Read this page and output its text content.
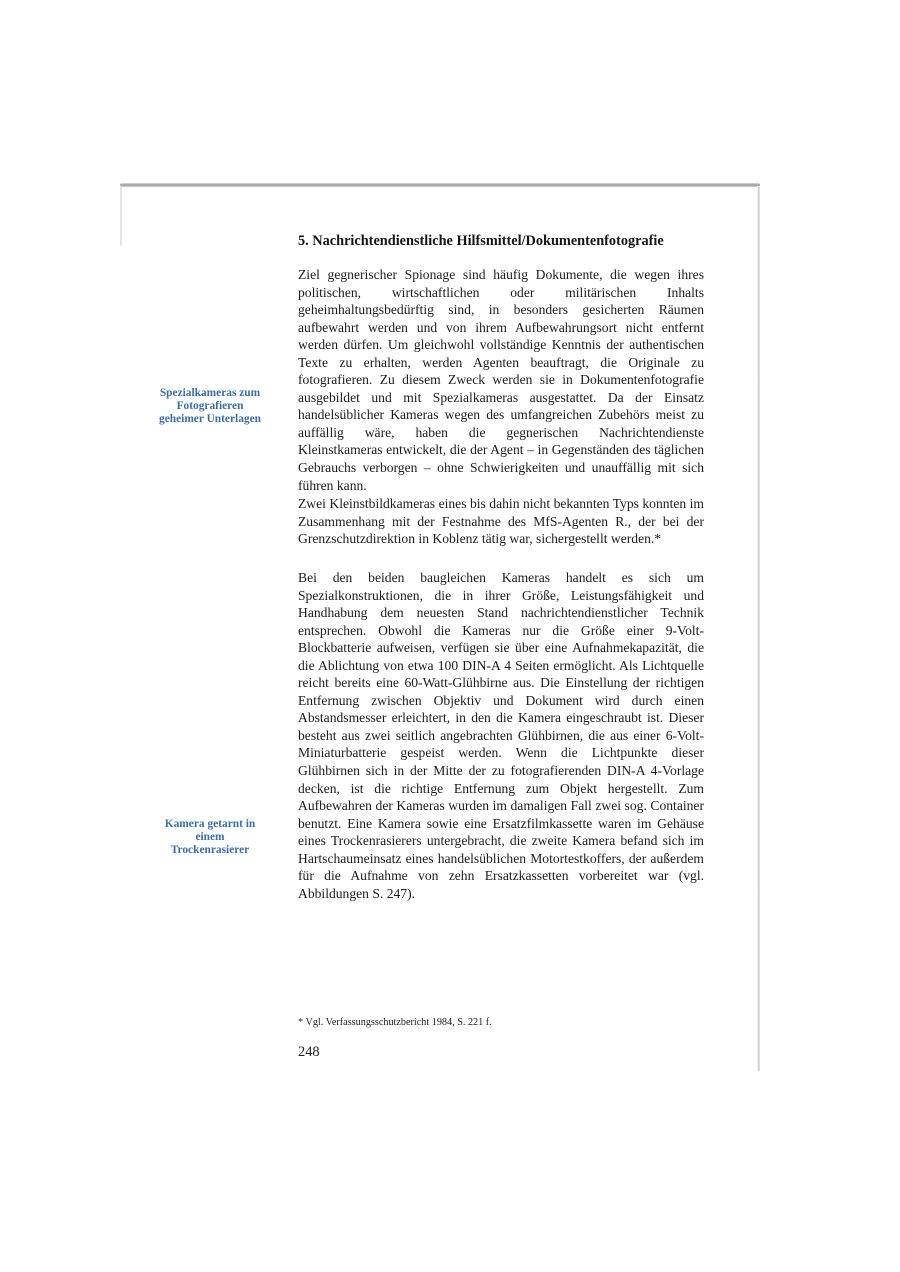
5. Nachrichtendienstliche Hilfsmittel/Dokumentenfotografie

Spezialkameras zum Fotografieren geheimer Unterlagen

Kamera getarnt in einem Trockenrasierer

Ziel gegnerischer Spionage sind häufig Dokumente, die wegen ihres politischen, wirtschaftlichen oder militärischen Inhalts geheimhaltungsbedürftig sind, in besonders gesicherten Räumen aufbewahrt werden und von ihrem Aufbewahrungsort nicht entfernt werden dürfen. Um gleichwohl vollständige Kenntnis der authentischen Texte zu erhalten, werden Agenten beauftragt, die Originale zu fotografieren. Zu diesem Zweck werden sie in Dokumentenfotografie ausgebildet und mit Spezialkameras ausgestattet. Da der Einsatz handelsüblicher Kameras wegen des umfangreichen Zubehörs meist zu auffällig wäre, haben die gegnerischen Nachrichtendienste Kleinstkameras entwickelt, die der Agent – in Gegenständen des täglichen Gebrauchs verborgen – ohne Schwierigkeiten und unauffällig mit sich führen kann.

Zwei Kleinstbildkameras eines bis dahin nicht bekannten Typs konnten im Zusammenhang mit der Festnahme des MfS-Agenten R., der bei der Grenzschutzdirektion in Koblenz tätig war, sichergestellt werden.*

Bei den beiden baugleichen Kameras handelt es sich um Spezialkonstruktionen, die in ihrer Größe, Leistungsfähigkeit und Handhabung dem neuesten Stand nachrichtendienstlicher Technik entsprechen. Obwohl die Kameras nur die Größe einer 9-Volt-Blockbatterie aufweisen, verfügen sie über eine Aufnahmekapazität, die die Ablichtung von etwa 100 DIN-A 4 Seiten ermöglicht. Als Lichtquelle reicht bereits eine 60-Watt-Glühbirne aus. Die Einstellung der richtigen Entfernung zwischen Objektiv und Dokument wird durch einen Abstandsmesser erleichtert, in den die Kamera eingeschraubt ist. Dieser besteht aus zwei seitlich angebrachten Glühbirnen, die aus einer 6-Volt-Miniaturbatterie gespeist werden. Wenn die Lichtpunkte dieser Glühbirnen sich in der Mitte der zu fotografierenden DIN-A 4-Vorlage decken, ist die richtige Entfernung zum Objekt hergestellt. Zum Aufbewahren der Kameras wurden im damaligen Fall zwei sog. Container benutzt. Eine Kamera sowie eine Ersatzfilmkassette waren im Gehäuse eines Trockenrasierers untergebracht, die zweite Kamera befand sich im Hartschaumeinsatz eines handelsüblichen Motortestkoffers, der außerdem für die Aufnahme von zehn Ersatzkassetten vorbereitet war (vgl. Abbildungen S. 247).

* Vgl. Verfassungsschutzbericht 1984, S. 221 f.
248
